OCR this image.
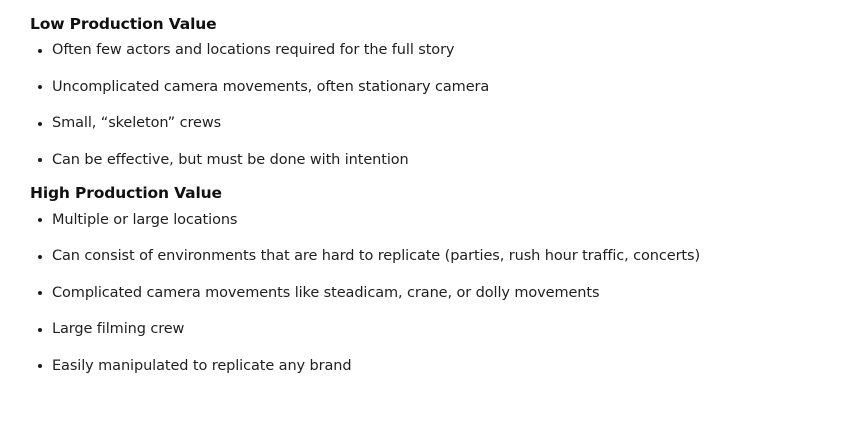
Low Production Value
Often few actors and locations required for the full story
Uncomplicated camera movements, often stationary camera
Small, “skeleton” crews
Can be effective, but must be done with intention
High Production Value
Multiple or large locations
Can consist of environments that are hard to replicate (parties, rush hour traffic, concerts)
Complicated camera movements like steadicam, crane, or dolly movements
Large filming crew
Easily manipulated to replicate any brand
